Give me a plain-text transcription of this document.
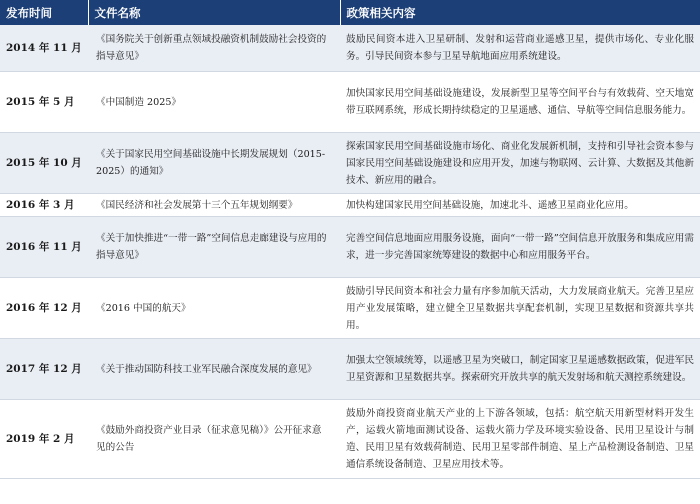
发布时间	文件名称	政策相关内容
2014 年 11 月	《国务院关于创新重点领域投融资机制鼓励社会投资的指导意见》	鼓励民间资本进入卫星研制、发射和运营商业遥感卫星，提供市场化、专业化服务。引导民间资本参与卫星导航地面应用系统建设。
2015 年 5 月	《中国制造 2025》	加快国家民用空间基础设施建设，发展新型卫星等空间平台与有效载荷、空天地宽带互联网系统，形成长期持续稳定的卫星遥感、通信、导航等空间信息服务能力。
2015 年 10 月	《关于国家民用空间基础设施中长期发展规划（2015-2025）的通知》	探索国家民用空间基础设施市场化、商业化发展新机制，支持和引导社会资本参与国家民用空间基础设施建设和应用开发，加速与物联网、云计算、大数据及其他新技术、新应用的融合。
2016 年 3 月	《国民经济和社会发展第十三个五年规划纲要》	加快构建国家民用空间基础设施，加速北斗、遥感卫星商业化应用。
2016 年 11 月	《关于加快推进“一带一路”空间信息走廊建设与应用的指导意见》	完善空间信息地面应用服务设施，面向“一带一路”空间信息开放服务和集成应用需求，进一步完善国家统筹建设的数据中心和应用服务平台。
2016 年 12 月	《2016 中国的航天》	鼓励引导民间资本和社会力量有序参加航天活动，大力发展商业航天。完善卫星应用产业发展策略，建立健全卫星数据共享配套机制，实现卫星数据和资源共享共用。
2017 年 12 月	《关于推动国防科技工业军民融合深度发展的意见》	加强太空领域统筹，以遥感卫星为突破口，制定国家卫星遥感数据政策，促进军民卫星资源和卫星数据共享。探索研究开放共享的航天发射场和航天测控系统建设。
2019 年 2 月	《鼓励外商投资产业目录（征求意见稿）》公开征求意见的公告	鼓励外商投资商业航天产业的上下游各领域，包括：航空航天用新型材料开发生产，运载火箭地面测试设备、运载火箭力学及环境实验设备、民用卫星设计与制造、民用卫星有效载荷制造、民用卫星零部件制造、星上产品检测设备制造、卫星通信系统设备制造、卫星应用技术等。
